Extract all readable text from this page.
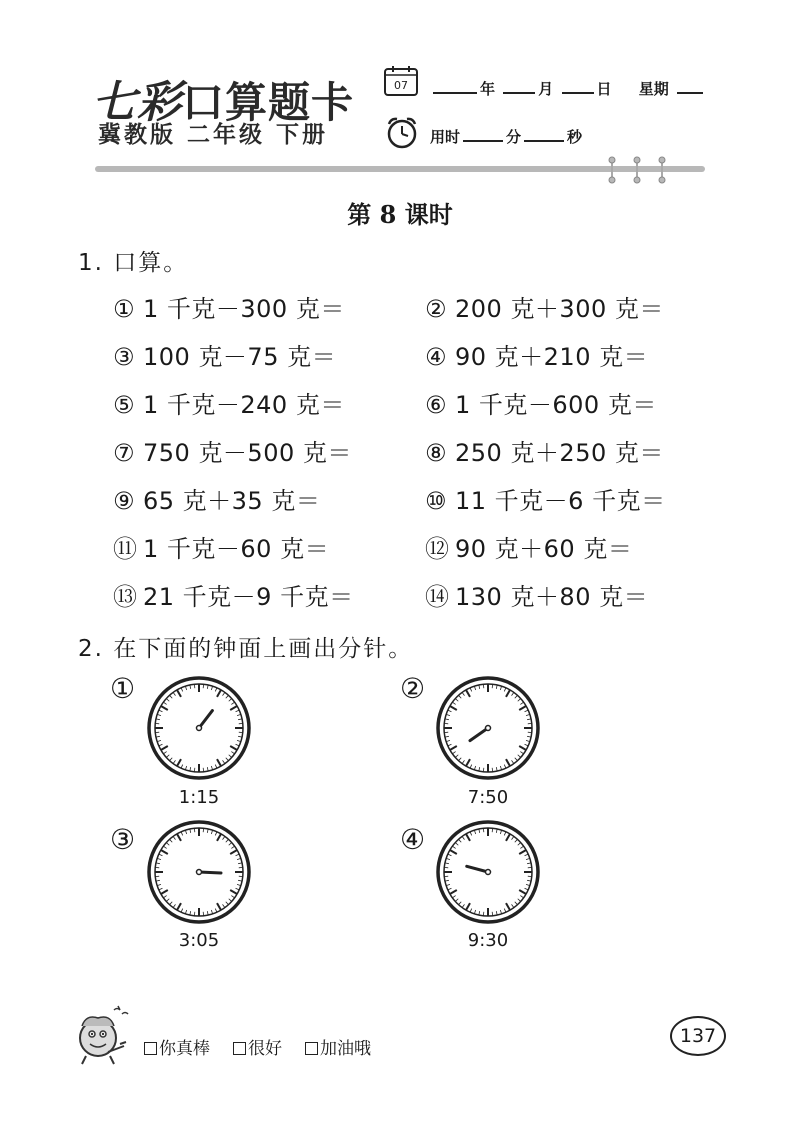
七彩口算题卡
冀教版 二年级 下册
07	年	月	日 星期
用时	分	秒
第 8 课时
1. 口算。
① 1 千克－300 克＝	② 200 克＋300 克＝
③ 100 克－75 克＝	④ 90 克＋210 克＝
⑤ 1 千克－240 克＝	⑥ 1 千克－600 克＝
⑦ 750 克－500 克＝	⑧ 250 克＋250 克＝
⑨ 65 克＋35 克＝	⑩ 11 千克－6 千克＝
⑪ 1 千克－60 克＝	⑫ 90 克＋60 克＝
⑬ 21 千克－9 千克＝	⑭ 130 克＋80 克＝
2. 在下面的钟面上画出分针。
①
1:15
②
7:50
③
3:05
④
9:30
你真棒	很好	加油哦
137
